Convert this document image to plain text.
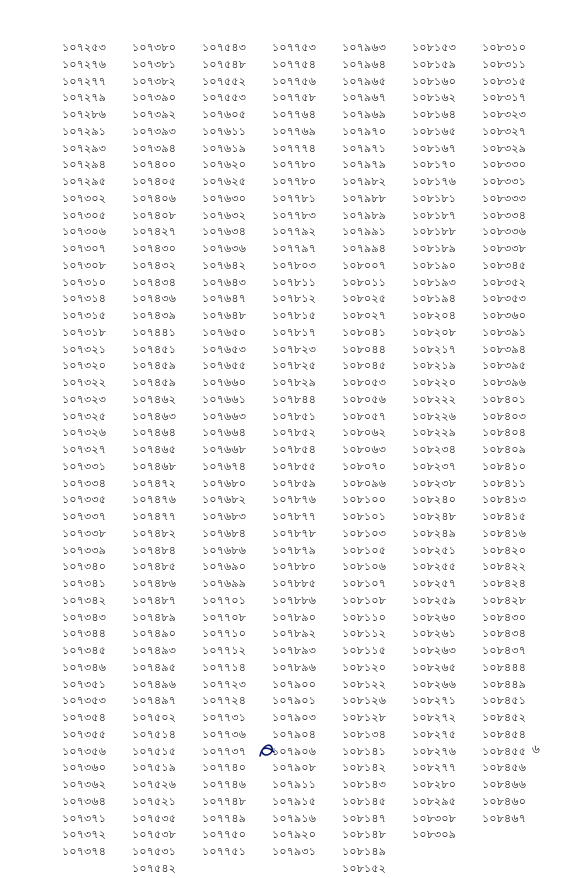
১০৭২৫৩
১০৭২৭৬
১০৭২৭৭
১০৭২৭৯
১০৭২৮৬
১০৭২৯১
১০৭২৯৩
১০৭২৯৪
১০৭২৯৫
১০৭৩০২
১০৭৩০৫
১০৭৩০৬
১০৭৩০৭
১০৭৩০৮
১০৭৩১০
১০৭৩১৪
১০৭৩১৫
১০৭৩১৮
১০৭৩২১
১০৭৩২০
১০৭৩২২
১০৭৩২৩
১০৭৩২৫
১০৭৩২৬
১০৭৩২৭
১০৭৩৩১
১০৭৩৩৪
১০৭৩৩৫
১০৭৩৩৭
১০৭৩৩৮
১০৭৩৩৯
১০৭৩৪০
১০৭৩৪১
১০৭৩৪২
১০৭৩৪৩
১০৭৩৪৪
১০৭৩৪৫
১০৭৩৪৬
১০৭৩৫১
১০৭৩৫৩
১০৭৩৫৪
১০৭৩৫৫
১০৭৩৫৬
১০৭৩৬০
১০৭৩৬২
১০৭৩৬৪
১০৭৩৭১
১০৭৩৭২
১০৭৩৭৪
১০৭৩৮০
১০৭৩৮১
১০৭৩৮২
১০৭৩৯০
১০৭৩৯২
১০৭৩৯৩
১০৭৩৯৪
১০৭৪০০
১০৭৪০৫
১০৭৪০৬
১০৭৪০৮
১০৭৪২৭
১০৭৪৩০
১০৭৪৩২
১০৭৪৩৪
১০৭৪৩৬
১০৭৪৩৯
১০৭৪৪১
১০৭৪৫১
১০৭৪৫৯
১০৭৪৫৯
১০৭৪৬২
১০৭৪৬৩
১০৭৪৬৪
১০৭৪৬৫
১০৭৪৬৮
১০৭৪৭২
১০৭৪৭৬
১০৭৪৭৭
১০৭৪৮২
১০৭৪৮৪
১০৭৪৮৫
১০৭৪৮৬
১০৭৪৮৭
১০৭৪৮৯
১০৭৪৯০
১০৭৪৯৩
১০৭৪৯৫
১০৭৪৯৬
১০৭৪৯৭
১০৭৫০২
১০৭৫১৪
১০৭৫১৫
১০৭৫১৯
১০৭৫২৬
১০৭৫২১
১০৭৫৩৫
১০৭৫৩৮
১০৭৫৩১
১০৭৫৪২
১০৭৫৪৩
১০৭৫৪৮
১০৭৫৫২
১০৭৫৫৩
১০৭৬০৫
১০৭৬১১
১০৭৬১৯
১০৭৬২০
১০৭৬২৫
১০৭৬৩০
১০৭৬৩২
১০৭৬৩৪
১০৭৬৩৬
১০৭৬৪২
১০৭৬৪৩
১০৭৬৪৭
১০৭৬৪৮
১০৭৬৫০
১০৭৬৫৩
১০৭৬৫৫
১০৭৬৬০
১০৭৬৬১
১০৭৬৬৩
১০৭৬৬৪
১০৭৬৬৮
১০৭৬৭৪
১০৭৬৮০
১০৭৬৮২
১০৭৬৮৩
১০৭৬৮৪
১০৭৬৮৬
১০৭৬৯০
১০৭৬৯৯
১০৭৭০১
১০৭৭০৮
১০৭৭১০
১০৭৭১২
১০৭৭১৪
১০৭৭২৩
১০৭৭২৪
১০৭৭৩১
১০৭৭৩৬
১০৭৭৩৭
১০৭৭৪০
১০৭৭৪৬
১০৭৭৪৮
১০৭৭৪৯
১০৭৭৫০
১০৭৭৫১
১০৭৭৫৩
১০৭৭৫৪
১০৭৭৫৬
১০৭৭৫৮
১০৭৭৬৪
১০৭৭৬৯
১০৭৭৭৪
১০৭৭৮০
১০৭৭৮০
১০৭৭৮১
১০৭৭৮৩
১০৭৭৯২
১০৭৭৯৭
১০৭৮০৩
১০৭৮১১
১০৭৮১২
১০৭৮১৫
১০৭৮১৭
১০৭৮২৩
১০৭৮২৫
১০৭৮২৯
১০৭৮৪৪
১০৭৮৫১
১০৭৮৫২
১০৭৮৫৪
১০৭৮৫৫
১০৭৮৫৯
১০৭৮৭৬
১০৭৮৭৭
১০৭৮৭৮
১০৭৮৭৯
১০৭৮৮০
১০৭৮৮৫
১০৭৮৮৬
১০৭৮৯০
১০৭৮৯২
১০৭৮৯৩
১০৭৮৯৬
১০৭৯০০
১০৭৯০১
১০৭৯০৩
১০৭৯০৪
১০৭৯০৬
১০৭৯০৮
১০৭৯১১
১০৭৯১৫
১০৭৯১৬
১০৭৯২০
১০৭৯৩১
১০৭৯৬৩
১০৭৯৬৪
১০৭৯৬৫
১০৭৯৬৭
১০৭৯৬৯
১০৭৯৭০
১০৭৯৭১
১০৭৯৭৯
১০৭৯৮২
১০৭৯৮৮
১০৭৯৮৯
১০৭৯৯১
১০৭৯৯৪
১০৮০০৭
১০৮০১১
১০৮০২৫
১০৮০২৭
১০৮০৪১
১০৮০৪৪
১০৮০৪৫
১০৮০৫৩
১০৮০৫৬
১০৮০৫৭
১০৮০৬২
১০৮০৬৩
১০৮০৭০
১০৮০৯৬
১০৮১০০
১০৮১০১
১০৮১০৩
১০৮১০৫
১০৮১০৬
১০৮১০৭
১০৮১০৮
১০৮১১০
১০৮১১২
১০৮১১৫
১০৮১২০
১০৮১২২
১০৮১২৬
১০৮১২৮
১০৮১৩৪
১০৮১৪১
১০৮১৪২
১০৮১৪৩
১০৮১৪৫
১০৮১৪৭
১০৮১৪৮
১০৮১৪৯
১০৮১৫২
১০৮১৫৩
১০৮১৫৯
১০৮১৬০
১০৮১৬২
১০৮১৬৪
১০৮১৬৫
১০৮১৬৭
১০৮১৭০
১০৮১৭৬
১০৮১৮১
১০৮১৮৭
১০৮১৮৮
১০৮১৮৯
১০৮১৯০
১০৮১৯৩
১০৮১৯৪
১০৮২০৪
১০৮২০৮
১০৮২১৭
১০৮২১৯
১০৮২২০
১০৮২২২
১০৮২২৬
১০৮২২৯
১০৮২৩৪
১০৮২৩৭
১০৮২৩৮
১০৮২৪০
১০৮২৪৮
১০৮২৪৯
১০৮২৫১
১০৮২৫৫
১০৮২৫৭
১০৮২৫৯
১০৮২৬০
১০৮২৬১
১০৮২৬৩
১০৮২৬৫
১০৮২৬৬
১০৮২৭১
১০৮২৭২
১০৮২৭৫
১০৮২৭৬
১০৮২৭৭
১০৮২৮০
১০৮২৯৫
১০৮৩০৮
১০৮৩০৯
১০৮৩১০
১০৮৩১১
১০৮৩১৫
১০৮৩১৭
১০৮৩২৩
১০৮৩২৭
১০৮৩২৯
১০৮৩৩০
১০৮৩৩১
১০৮৩৩৩
১০৮৩৩৪
১০৮৩৩৬
১০৮৩৩৮
১০৮৩৪৫
১০৮৩৫২
১০৮৩৫৩
১০৮৩৬০
১০৮৩৯১
১০৮৩৯৪
১০৮৩৯৫
১০৮৩৯৬
১০৮৪০১
১০৮৪০৩
১০৮৪০৪
১০৮৪০৯
১০৮৪১০
১০৮৪১১
১০৮৪১৩
১০৮৪১৫
১০৮৪১৬
১০৮৪২০
১০৮৪২২
১০৮৪২৪
১০৮৪২৮
১০৮৪৩০
১০৮৪৩৪
১০৮৪৩৭
১০৮৪৪৪
১০৮৪৪৯
১০৮৪৫১
১০৮৪৫২
১০৮৪৫৪
১০৮৪৫৫
১০৮৪৫৬
১০৮৪৬৬
১০৮৪৬০
১০৮৪৬৭
৬
